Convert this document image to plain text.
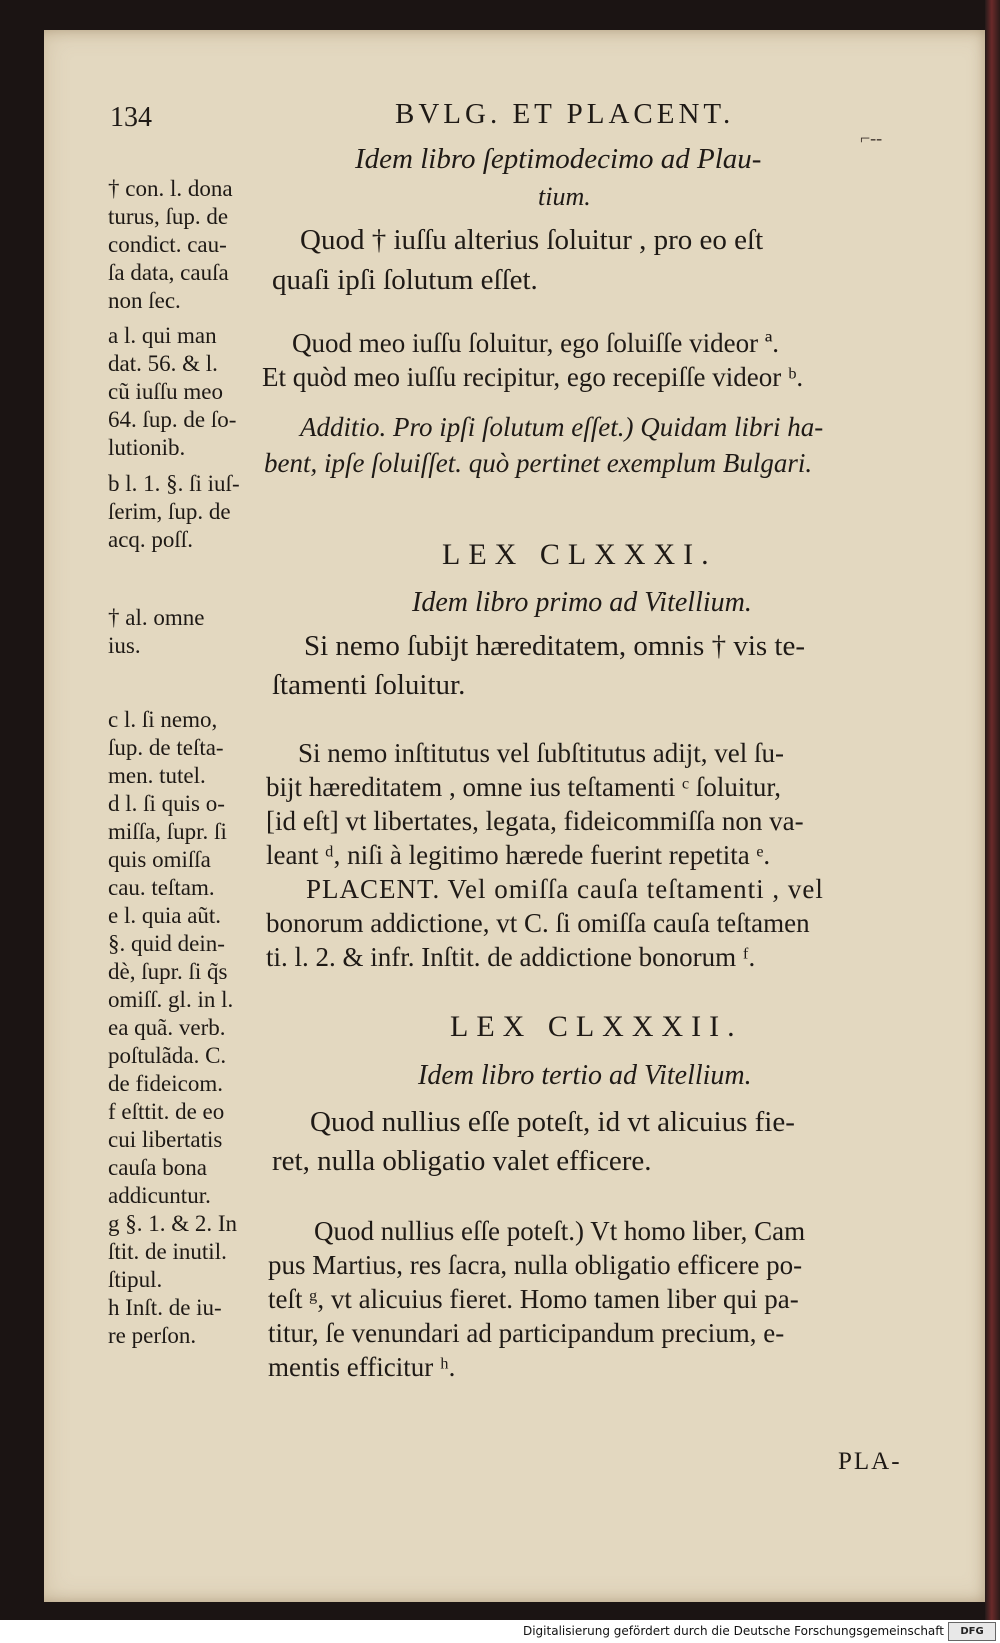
134	BVLG. ET PLACENT.
⌐‐‐
Idem libro ſeptimodecimo ad Plau-
tium.
Quod † iuſſu alterius ſoluitur , pro eo eſt
quaſi ipſi ſolutum eſſet.
Quod meo iuſſu ſoluitur, ego ſoluiſſe videor ª.
Et quòd meo iuſſu recipitur, ego recepiſſe videor ᵇ.
Additio. Pro ipſi ſolutum eſſet.) Quidam libri ha-
bent, ipſe ſoluiſſet. quò pertinet exemplum Bulgari.
LEX CLXXXI.
Idem libro primo ad Vitellium.
Si nemo ſubijt hæreditatem, omnis † vis te-
ſtamenti ſoluitur.
Si nemo inſtitutus vel ſubſtitutus adijt, vel ſu-
bijt hæreditatem , omne ius teſtamenti ᶜ ſoluitur,
[id eſt] vt libertates, legata, fideicommiſſa non va-
leant ᵈ, niſi à legitimo hærede fuerint repetita ᵉ.
PLACENT. Vel omiſſa cauſa teſtamenti , vel
bonorum addictione, vt C. ſi omiſſa cauſa teſtamen
ti. l. 2. & infr. Inſtit. de addictione bonorum ᶠ.
LEX CLXXXII.
Idem libro tertio ad Vitellium.
Quod nullius eſſe poteſt, id vt alicuius fie-
ret, nulla obligatio valet efficere.
Quod nullius eſſe poteſt.) Vt homo liber, Cam
pus Martius, res ſacra, nulla obligatio efficere po-
teſt ᵍ, vt alicuius fieret. Homo tamen liber qui pa-
titur, ſe venundari ad participandum precium, e-
mentis efficitur ʰ.
PLA-
† con. l. dona
turus, ſup. de
condict. cau-
ſa data, cauſa
non ſec.
a l. qui man
dat. 56. & l.
cũ iuſſu meo
64. ſup. de ſo-
lutionib.
b l. 1. §. ſi iuſ-
ſerim, ſup. de
acq. poſſ.
† al. omne
ius.
c l. ſi nemo,
ſup. de teſta-
men. tutel.
d l. ſi quis o-
miſſa, ſupr. ſi
quis omiſſa
cau. teſtam.
e l. quia aũt.
§. quid dein-
dè, ſupr. ſi q̃s
omiſſ. gl. in l.
ea quã. verb.
poſtulãda. C.
de fideicom.
f eſttit. de eo
cui libertatis
cauſa bona
addicuntur.
g §. 1. & 2. In
ſtit. de inutil.
ſtipul.
h Inſt. de iu-
re perſon.
Digitalisierung gefördert durch die Deutsche Forschungsgemeinschaft	DFG
